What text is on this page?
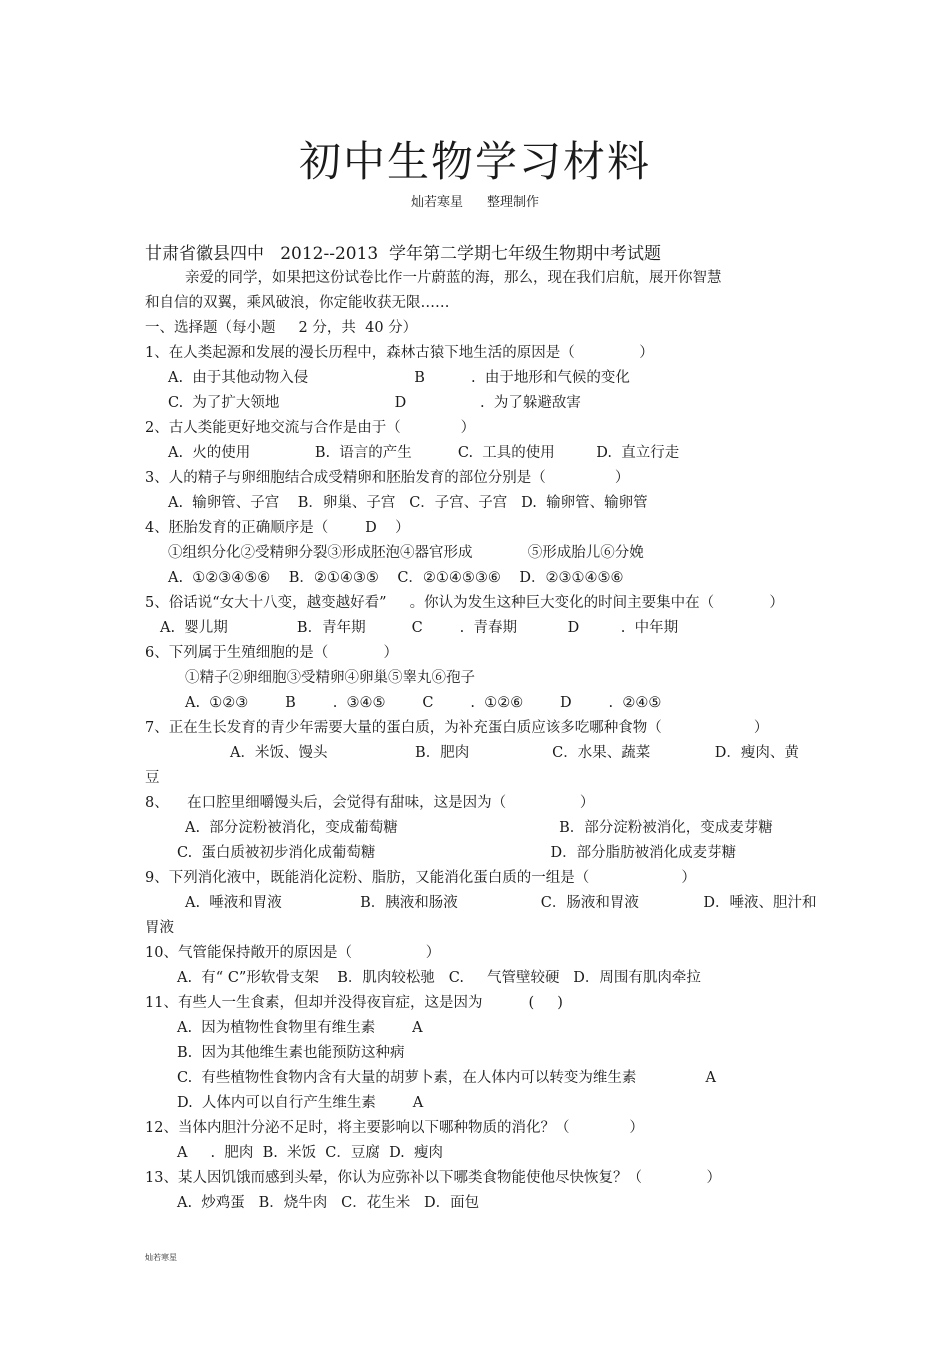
初中生物学习材料
灿若寒星 整理制作
甘肃省徽县四中   2012--2013  学年第二学期七年级生物期中考试题
亲爱的同学，如果把这份试卷比作一片蔚蓝的海，那么，现在我们启航，展开你智慧
和自信的双翼，乘风破浪，你定能收获无限……
一、选择题（每小题     2 分，共  40 分）
1、在人类起源和发展的漫长历程中，森林古猿下地生活的原因是（              ）
A.  由于其他动物入侵                       B          .  由于地形和气候的变化
C.  为了扩大领地                         D                .  为了躲避敌害
2、古人类能更好地交流与合作是由于（             ）
A.  火的使用              B.  语言的产生          C.  工具的使用         D.  直立行走
3、人的精子与卵细胞结合成受精卵和胚胎发育的部位分别是（               ）
A.  输卵管、子宫    B．卵巢、子宫   C．子宫、子宫   D.  输卵管、输卵管
4、胚胎发育的正确顺序是（        D    ）
①组织分化②受精卵分裂③形成胚泡④器官形成            ⑤形成胎儿⑥分娩
A.  ①②③④⑤⑥    B．②①④③⑤    C．②①④⑤③⑥    D．②③①④⑤⑥
5、俗话说“女大十八变，越变越好看”     。你认为发生这种巨大变化的时间主要集中在（            ）
A.  婴儿期               B．青年期          C        .  青春期           D         .  中年期
6、下列属于生殖细胞的是（            ）
①精子②卵细胞③受精卵④卵巢⑤睾丸⑥孢子
A.  ①②③        B        .  ③④⑤        C        .  ①②⑥        D        .  ②④⑤
7、正在生长发育的青少年需要大量的蛋白质，为补充蛋白质应该多吃哪种食物（                    ）
A．米饭、馒头                   B．肥肉                  C．水果、蔬菜              D．瘦肉、黄
豆
8、    在口腔里细嚼馒头后，会觉得有甜味，这是因为（                ）
A.  部分淀粉被消化，变成葡萄糖                                   B．部分淀粉被消化，变成麦芽糖
C.  蛋白质被初步消化成葡萄糖                                      D．部分脂肪被消化成麦芽糖
9、下列消化液中，既能消化淀粉、脂肪，又能消化蛋白质的一组是（                    ）
A.  唾液和胃液                 B．胰液和肠液                  C．肠液和胃液              D．唾液、胆汁和
胃液
10、气管能保持敞开的原因是（                ）
A.  有“ C”形软骨支架    B．肌肉较松驰   C.     气管壁较硬   D．周围有肌肉牵拉
11、有些人一生食素，但却并没得夜盲症，这是因为          (     )
A.  因为植物性食物里有维生素        A
B.  因为其他维生素也能预防这种病
C.  有些植物性食物内含有大量的胡萝卜素，在人体内可以转变为维生素               A
D.  人体内可以自行产生维生素        A
12、当体内胆汁分泌不足时，将主要影响以下哪种物质的消化？（             ）
A     .  肥肉  B.  米饭  C．豆腐  D.  瘦肉
13、某人因饥饿而感到头晕，你认为应弥补以下哪类食物能使他尽快恢复？（              ）
A.  炒鸡蛋   B．烧牛肉   C．花生米   D．面包
灿若寒星
